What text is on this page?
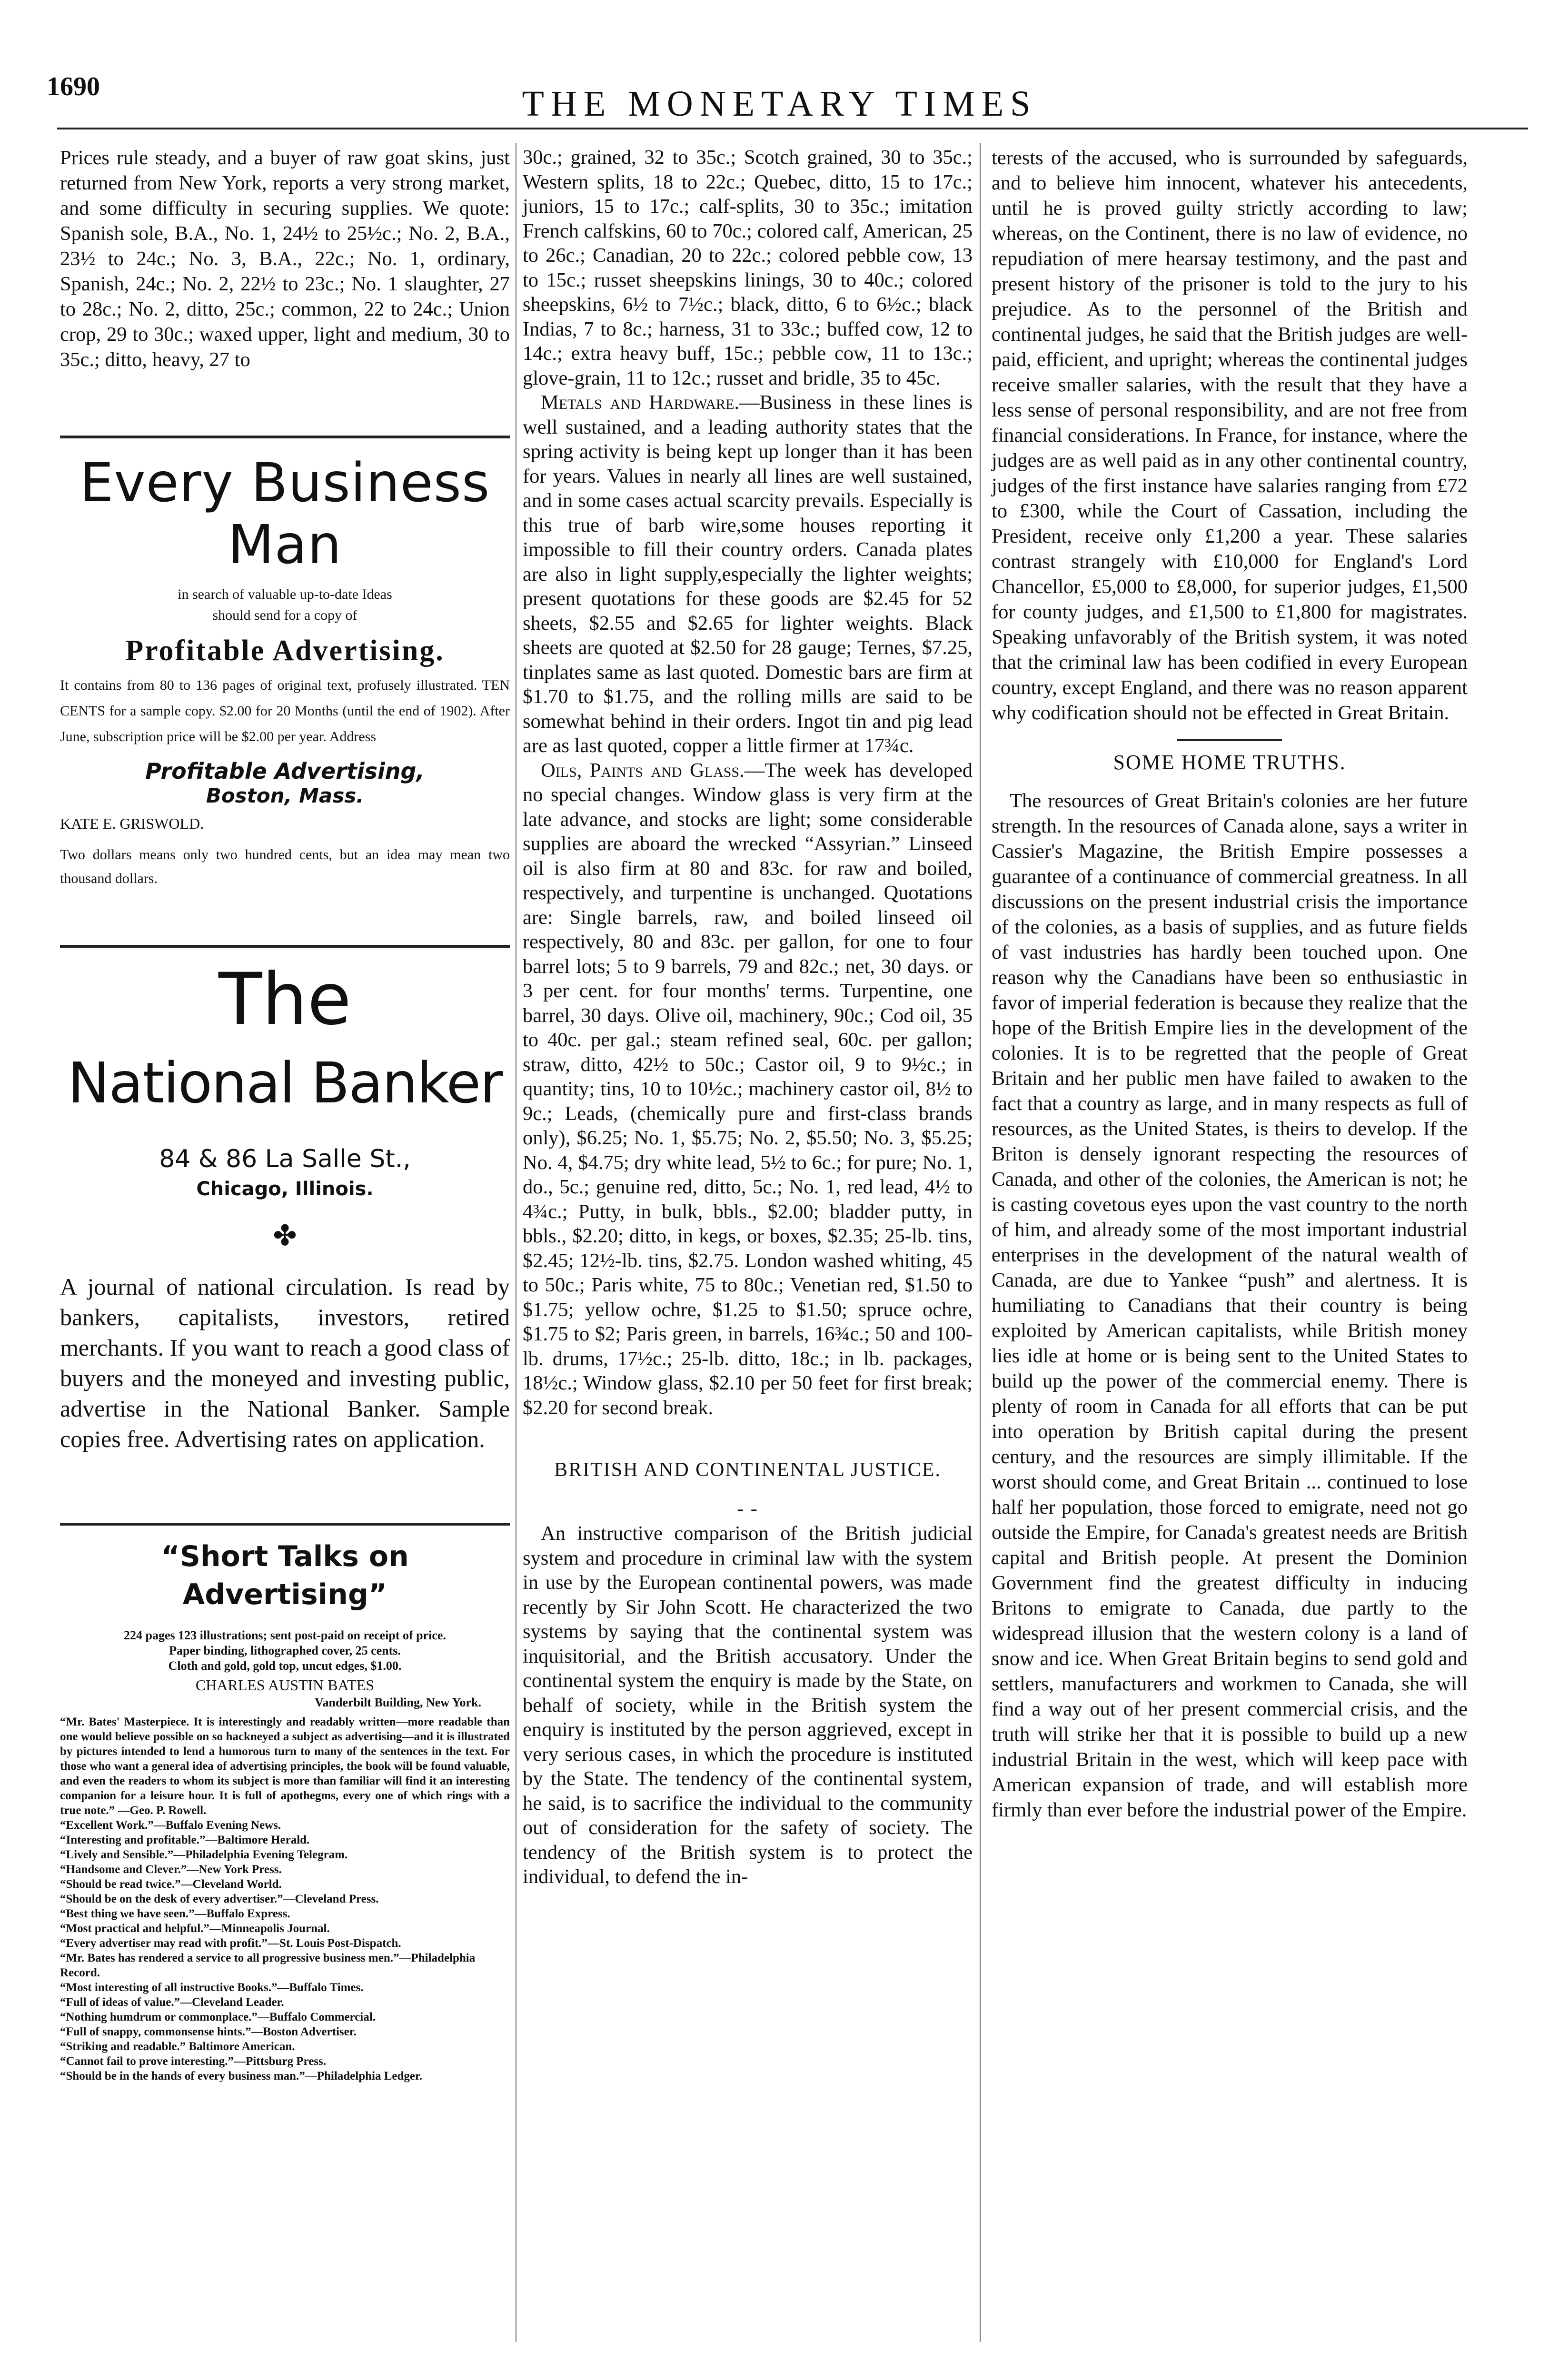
1690	THE MONETARY TIMES

Prices rule steady, and a buyer of raw goat skins, just returned from New York, reports a very strong market, and some difficulty in securing supplies. We quote: Spanish sole, B.A., No. 1, 24½ to 25½c.; No. 2, B.A., 23½ to 24c.; No. 3, B.A., 22c.; No. 1, ordinary, Spanish, 24c.; No. 2, 22½ to 23c.; No. 1 slaughter, 27 to 28c.; No. 2, ditto, 25c.; common, 22 to 24c.; Union crop, 29 to 30c.; waxed upper, light and medium, 30 to 35c.; ditto, heavy, 27 to

Every Business Man
in search of valuable up-to-date Ideas
should send for a copy of
Profitable Advertising.
It contains from 80 to 136 pages of original text, profusely illustrated. TEN CENTS for a sample copy. $2.00 for 20 Months (until the end of 1902). After June, subscription price will be $2.00 per year. Address
Profitable Advertising,
Boston, Mass.
KATE E. GRISWOLD.
Two dollars means only two hundred cents, but an idea may mean two thousand dollars.
The
National Banker
84 & 86 La Salle St.,
Chicago, Illinois.
✤
A journal of national circulation. Is read by bankers, capitalists, investors, retired merchants. If you want to reach a good class of buyers and the moneyed and investing public, advertise in the National Banker. Sample copies free. Advertising rates on application.
“Short Talks on Advertising”
224 pages 123 illustrations; sent post-paid on receipt of price.
Paper binding, lithographed cover, 25 cents.
Cloth and gold, gold top, uncut edges, $1.00.
CHARLES AUSTIN BATES
Vanderbilt Building, New York.
“Mr. Bates' Masterpiece. It is interestingly and readably written—more readable than one would believe possible on so hackneyed a subject as advertising—and it is illustrated by pictures intended to lend a humorous turn to many of the sentences in the text. For those who want a general idea of advertising principles, the book will be found valuable, and even the readers to whom its subject is more than familiar will find it an interesting companion for a leisure hour. It is full of apothegms, every one of which rings with a true note.” —Geo. P. Rowell.
“Excellent Work.”—Buffalo Evening News.
“Interesting and profitable.”—Baltimore Herald.
“Lively and Sensible.”—Philadelphia Evening Telegram.
“Handsome and Clever.”—New York Press.
“Should be read twice.”—Cleveland World.
“Should be on the desk of every advertiser.”—Cleveland Press.
“Best thing we have seen.”—Buffalo Express.
“Most practical and helpful.”—Minneapolis Journal.
“Every advertiser may read with profit.”—St. Louis Post-Dispatch.
“Mr. Bates has rendered a service to all progressive business men.”—Philadelphia Record.
“Most interesting of all instructive Books.”—Buffalo Times.
“Full of ideas of value.”—Cleveland Leader.
“Nothing humdrum or commonplace.”—Buffalo Commercial.
“Full of snappy, commonsense hints.”—Boston Advertiser.
“Striking and readable.” Baltimore American.
“Cannot fail to prove interesting.”—Pittsburg Press.
“Should be in the hands of every business man.”—Philadelphia Ledger.

30c.; grained, 32 to 35c.; Scotch grained, 30 to 35c.; Western splits, 18 to 22c.; Quebec, ditto, 15 to 17c.; juniors, 15 to 17c.; calf-splits, 30 to 35c.; imitation French calfskins, 60 to 70c.; colored calf, American, 25 to 26c.; Canadian, 20 to 22c.; colored pebble cow, 13 to 15c.; russet sheepskins linings, 30 to 40c.; colored sheepskins, 6½ to 7½c.; black, ditto, 6 to 6½c.; black Indias, 7 to 8c.; harness, 31 to 33c.; buffed cow, 12 to 14c.; extra heavy buff, 15c.; pebble cow, 11 to 13c.; glove-grain, 11 to 12c.; russet and bridle, 35 to 45c.

Metals and Hardware.—Business in these lines is well sustained, and a leading authority states that the spring activity is being kept up longer than it has been for years. Values in nearly all lines are well sustained, and in some cases actual scarcity prevails. Especially is this true of barb wire,some houses reporting it impossible to fill their country orders. Canada plates are also in light supply,especially the lighter weights; present quotations for these goods are $2.45 for 52 sheets, $2.55 and $2.65 for lighter weights. Black sheets are quoted at $2.50 for 28 gauge; Ternes, $7.25, tinplates same as last quoted. Domestic bars are firm at $1.70 to $1.75, and the rolling mills are said to be somewhat behind in their orders. Ingot tin and pig lead are as last quoted, copper a little firmer at 17¾c.

Oils, Paints and Glass.—The week has developed no special changes. Window glass is very firm at the late advance, and stocks are light; some considerable supplies are aboard the wrecked “Assyrian.” Linseed oil is also firm at 80 and 83c. for raw and boiled, respectively, and turpentine is unchanged. Quotations are: Single barrels, raw, and boiled linseed oil respectively, 80 and 83c. per gallon, for one to four barrel lots; 5 to 9 barrels, 79 and 82c.; net, 30 days. or 3 per cent. for four months' terms. Turpentine, one barrel, 30 days. Olive oil, machinery, 90c.; Cod oil, 35 to 40c. per gal.; steam refined seal, 60c. per gallon; straw, ditto, 42½ to 50c.; Castor oil, 9 to 9½c.; in quantity; tins, 10 to 10½c.; machinery castor oil, 8½ to 9c.; Leads, (chemically pure and first-class brands only), $6.25; No. 1, $5.75; No. 2, $5.50; No. 3, $5.25; No. 4, $4.75; dry white lead, 5½ to 6c.; for pure; No. 1, do., 5c.; genuine red, ditto, 5c.; No. 1, red lead, 4½ to 4¾c.; Putty, in bulk, bbls., $2.00; bladder putty, in bbls., $2.20; ditto, in kegs, or boxes, $2.35; 25-lb. tins, $2.45; 12½-lb. tins, $2.75. London washed whiting, 45 to 50c.; Paris white, 75 to 80c.; Venetian red, $1.50 to $1.75; yellow ochre, $1.25 to $1.50; spruce ochre, $1.75 to $2; Paris green, in barrels, 16¾c.; 50 and 100-lb. drums, 17½c.; 25-lb. ditto, 18c.; in lb. packages, 18½c.; Window glass, $2.10 per 50 feet for first break; $2.20 for second break.

BRITISH AND CONTINENTAL JUSTICE.

- -

An instructive comparison of the British judicial system and procedure in criminal law with the system in use by the European continental powers, was made recently by Sir John Scott. He characterized the two systems by saying that the continental system was inquisitorial, and the British accusatory. Under the continental system the enquiry is made by the State, on behalf of society, while in the British system the enquiry is instituted by the person aggrieved, except in very serious cases, in which the procedure is instituted by the State. The tendency of the continental system, he said, is to sacrifice the individual to the community out of consideration for the safety of society. The tendency of the British system is to protect the individual, to defend the in-

terests of the accused, who is surrounded by safeguards, and to believe him innocent, whatever his antecedents, until he is proved guilty strictly according to law; whereas, on the Continent, there is no law of evidence, no repudiation of mere hearsay testimony, and the past and present history of the prisoner is told to the jury to his prejudice. As to the personnel of the British and continental judges, he said that the British judges are well-paid, efficient, and upright; whereas the continental judges receive smaller salaries, with the result that they have a less sense of personal responsibility, and are not free from financial considerations. In France, for instance, where the judges are as well paid as in any other continental country, judges of the first instance have salaries ranging from £72 to £300, while the Court of Cassation, including the President, receive only £1,200 a year. These salaries contrast strangely with £10,000 for England's Lord Chancellor, £5,000 to £8,000, for superior judges, £1,500 for county judges, and £1,500 to £1,800 for magistrates. Speaking unfavorably of the British system, it was noted that the criminal law has been codified in every European country, except England, and there was no reason apparent why codification should not be effected in Great Britain.

SOME HOME TRUTHS.

The resources of Great Britain's colonies are her future strength. In the resources of Canada alone, says a writer in Cassier's Magazine, the British Empire possesses a guarantee of a continuance of commercial greatness. In all discussions on the present industrial crisis the importance of the colonies, as a basis of supplies, and as future fields of vast industries has hardly been touched upon. One reason why the Canadians have been so enthusiastic in favor of imperial federation is because they realize that the hope of the British Empire lies in the development of the colonies. It is to be regretted that the people of Great Britain and her public men have failed to awaken to the fact that a country as large, and in many respects as full of resources, as the United States, is theirs to develop. If the Briton is densely ignorant respecting the resources of Canada, and other of the colonies, the American is not; he is casting covetous eyes upon the vast country to the north of him, and already some of the most important industrial enterprises in the development of the natural wealth of Canada, are due to Yankee “push” and alertness. It is humiliating to Canadians that their country is being exploited by American capitalists, while British money lies idle at home or is being sent to the United States to build up the power of the commercial enemy. There is plenty of room in Canada for all efforts that can be put into operation by British capital during the present century, and the resources are simply illimitable. If the worst should come, and Great Britain ... continued to lose half her population, those forced to emigrate, need not go outside the Empire, for Canada's greatest needs are British capital and British people. At present the Dominion Government find the greatest difficulty in inducing Britons to emigrate to Canada, due partly to the widespread illusion that the western colony is a land of snow and ice. When Great Britain begins to send gold and settlers, manufacturers and workmen to Canada, she will find a way out of her present commercial crisis, and the truth will strike her that it is possible to build up a new industrial Britain in the west, which will keep pace with American expansion of trade, and will establish more firmly than ever before the industrial power of the Empire.
